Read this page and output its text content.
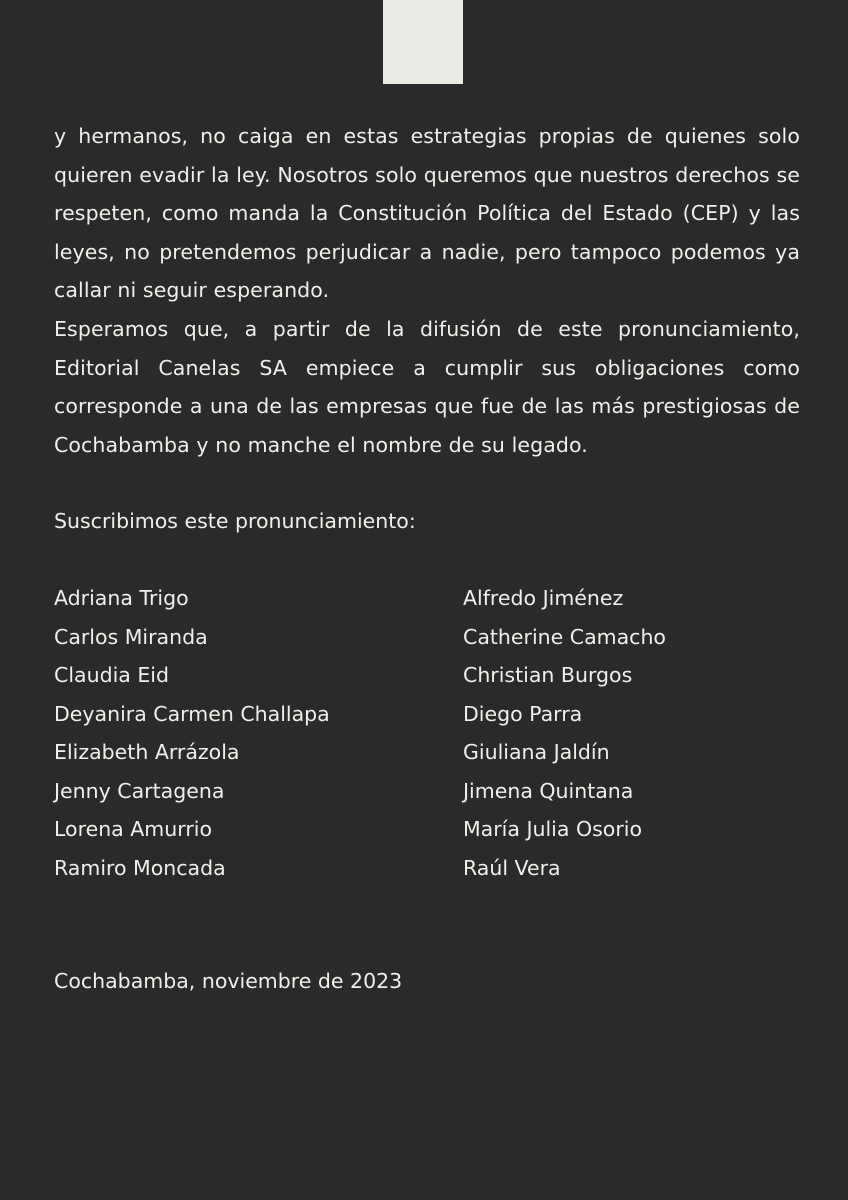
y hermanos, no caiga en estas estrategias propias de quienes solo quieren evadir la ley. Nosotros solo queremos que nuestros derechos se respeten, como manda la Constitución Política del Estado (CEP) y las leyes, no pretendemos perjudicar a nadie, pero tampoco podemos ya callar ni seguir esperando.

Esperamos que, a partir de la difusión de este pronunciamiento, Editorial Canelas SA empiece a cumplir sus obligaciones como corresponde a una de las empresas que fue de las más prestigiosas de Cochabamba y no manche el nombre de su legado.

Suscribimos este pronunciamiento:
Adriana Trigo	Alfredo Jiménez
Carlos Miranda	Catherine Camacho
Claudia Eid	Christian Burgos
Deyanira Carmen Challapa	Diego Parra
Elizabeth Arrázola	Giuliana Jaldín
Jenny Cartagena	Jimena Quintana
Lorena Amurrio	María Julia Osorio
Ramiro Moncada	Raúl Vera
Cochabamba, noviembre de 2023
